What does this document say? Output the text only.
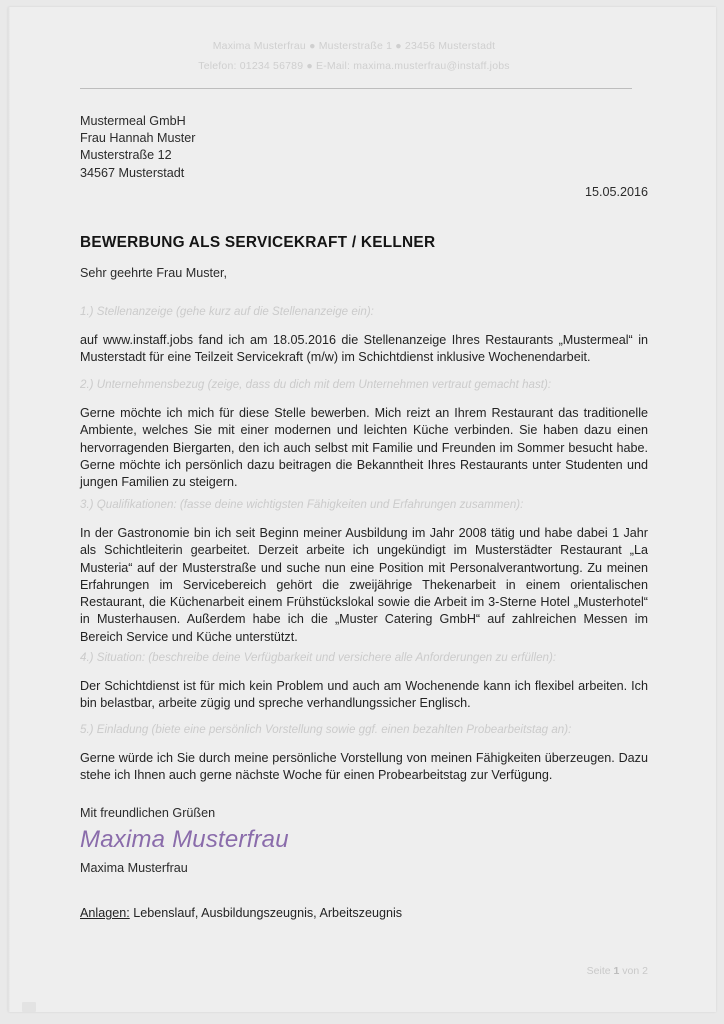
Maxima Musterfrau ● Musterstraße 1 ● 23456 Musterstadt
Telefon: 01234 56789 ● E-Mail: maxima.musterfrau@instaff.jobs
Mustermeal GmbH
Frau Hannah Muster
Musterstraße 12
34567 Musterstadt
15.05.2016
BEWERBUNG ALS SERVICEKRAFT / KELLNER
Sehr geehrte Frau Muster,
1.) Stellenanzeige (gehe kurz auf die Stellenanzeige ein):

auf www.instaff.jobs fand ich am 18.05.2016 die Stellenanzeige Ihres Restaurants „Mustermeal“ in Musterstadt für eine Teilzeit Servicekraft (m/w) im Schichtdienst inklusive Wochenendarbeit.

2.) Unternehmensbezug (zeige, dass du dich mit dem Unternehmen vertraut gemacht hast):

Gerne möchte ich mich für diese Stelle bewerben. Mich reizt an Ihrem Restaurant das traditionelle Ambiente, welches Sie mit einer modernen und leichten Küche verbinden. Sie haben dazu einen hervorragenden Biergarten, den ich auch selbst mit Familie und Freunden im Sommer besucht habe. Gerne möchte ich persönlich dazu beitragen die Bekanntheit Ihres Restaurants unter Studenten und jungen Familien zu steigern.

3.) Qualifikationen: (fasse deine wichtigsten Fähigkeiten und Erfahrungen zusammen):

In der Gastronomie bin ich seit Beginn meiner Ausbildung im Jahr 2008 tätig und habe dabei 1 Jahr als Schichtleiterin gearbeitet. Derzeit arbeite ich ungekündigt im Musterstädter Restaurant „La Musteria“ auf der Musterstraße und suche nun eine Position mit Personalverantwortung. Zu meinen Erfahrungen im Servicebereich gehört die zweijährige Thekenarbeit in einem orientalischen Restaurant, die Küchenarbeit einem Frühstückslokal sowie die Arbeit im 3-Sterne Hotel „Musterhotel“ in Musterhausen. Außerdem habe ich die „Muster Catering GmbH“ auf zahlreichen Messen im Bereich Service und Küche unterstützt.

4.) Situation: (beschreibe deine Verfügbarkeit und versichere alle Anforderungen zu erfüllen):

Der Schichtdienst ist für mich kein Problem und auch am Wochenende kann ich flexibel arbeiten. Ich bin belastbar, arbeite zügig und spreche verhandlungssicher Englisch.

5.) Einladung (biete eine persönlich Vorstellung sowie ggf. einen bezahlten Probearbeitstag an):

Gerne würde ich Sie durch meine persönliche Vorstellung von meinen Fähigkeiten überzeugen. Dazu stehe ich Ihnen auch gerne nächste Woche für einen Probearbeitstag zur Verfügung.

Mit freundlichen Grüßen
Maxima Musterfrau
Maxima Musterfrau
Anlagen: Lebenslauf, Ausbildungszeugnis, Arbeitszeugnis
Seite 1 von 2
